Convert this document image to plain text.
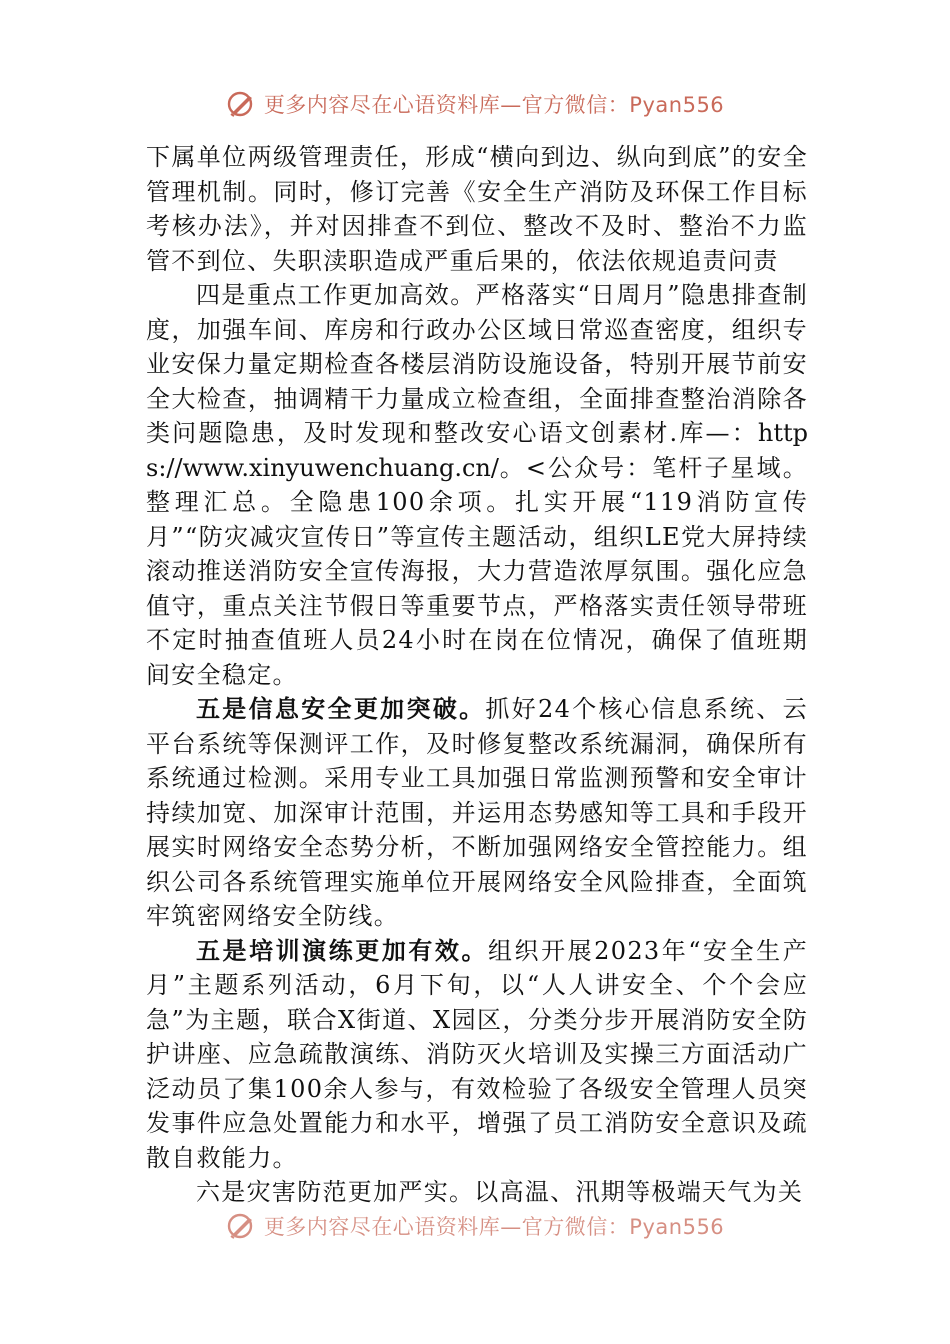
更多内容尽在心语资料库—官方微信：Pyan556

下属单位两级管理责任，形成“横向到边、纵向到底”的安全管理机制。同时，修订完善《安全生产消防及环保工作目标考核办法》，并对因排查不到位、整改不及时、整治不力监管不到位、失职渎职造成严重后果的，依法依规追责问责

四是重点工作更加高效。严格落实“日周月”隐患排查制度，加强车间、库房和行政办公区域日常巡查密度，组织专业安保力量定期检查各楼层消防设施设备，特别开展节前安全大检查，抽调精干力量成立检查组，全面排查整治消除各类问题隐患，及时发现和整改安心语文创素材.库—：https://www.xinyuwenchuang.cn/。<公众号：笔杆子星域。整理汇总。全隐患100余项。扎实开展“119消防宣传月”“防灾减灾宣传日”等宣传主题活动，组织LE党大屏持续滚动推送消防安全宣传海报，大力营造浓厚氛围。强化应急值守，重点关注节假日等重要节点，严格落实责任领导带班不定时抽查值班人员24小时在岗在位情况，确保了值班期间安全稳定。

五是信息安全更加突破。抓好24个核心信息系统、云平台系统等保测评工作，及时修复整改系统漏洞，确保所有系统通过检测。采用专业工具加强日常监测预警和安全审计持续加宽、加深审计范围，并运用态势感知等工具和手段开展实时网络安全态势分析，不断加强网络安全管控能力。组织公司各系统管理实施单位开展网络安全风险排查，全面筑牢筑密网络安全防线。

五是培训演练更加有效。组织开展2023年“安全生产月”主题系列活动，6月下旬，以“人人讲安全、个个会应急”为主题，联合X街道、X园区，分类分步开展消防安全防护讲座、应急疏散演练、消防灭火培训及实操三方面活动广泛动员了集100余人参与，有效检验了各级安全管理人员突发事件应急处置能力和水平，增强了员工消防安全意识及疏散自救能力。

六是灾害防范更加严实。以高温、汛期等极端天气为关

更多内容尽在心语资料库—官方微信：Pyan556
